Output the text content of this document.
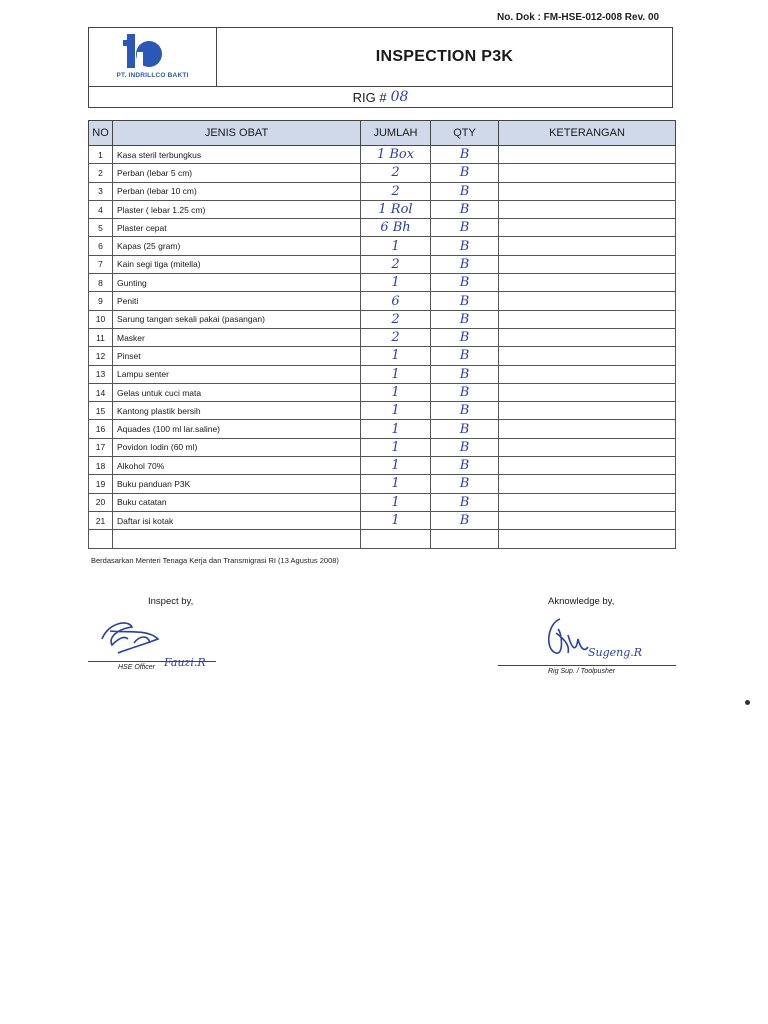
No. Dok : FM-HSE-012-008 Rev. 00
PT. INDRILLCO BAKTI
INSPECTION P3K
RIG # 08
NO	JENIS OBAT	JUMLAH	QTY	KETERANGAN
1	Kasa steril terbungkus	1 Box	B	
2	Perban (lebar 5 cm)	2	B	
3	Perban (lebar 10 cm)	2	B	
4	Plaster ( lebar 1.25 cm)	1 Rol	B	
5	Plaster cepat	6 Bh	B	
6	Kapas (25 gram)	1	B	
7	Kain segi tiga (mitella)	2	B	
8	Gunting	1	B	
9	Peniti	6	B	
10	Sarung tangan sekali pakai (pasangan)	2	B	
11	Masker	2	B	
12	Pinset	1	B	
13	Lampu senter	1	B	
14	Gelas untuk cuci mata	1	B	
15	Kantong plastik bersih	1	B	
16	Aquades (100 ml lar.saline)	1	B	
17	Povidon Iodin (60 ml)	1	B	
18	Alkohol 70%	1	B	
19	Buku panduan P3K	1	B	
20	Buku catatan	1	B	
21	Daftar isi kotak	1	B	

Berdasarkan Menteri Tenaga Kerja dan Transmigrasi RI (13 Agustus 2008)
Inspect by,
HSE Officer Fauzi.R
Aknowledge by,
Rig Sup. / Toolpusher
Sugeng.R
